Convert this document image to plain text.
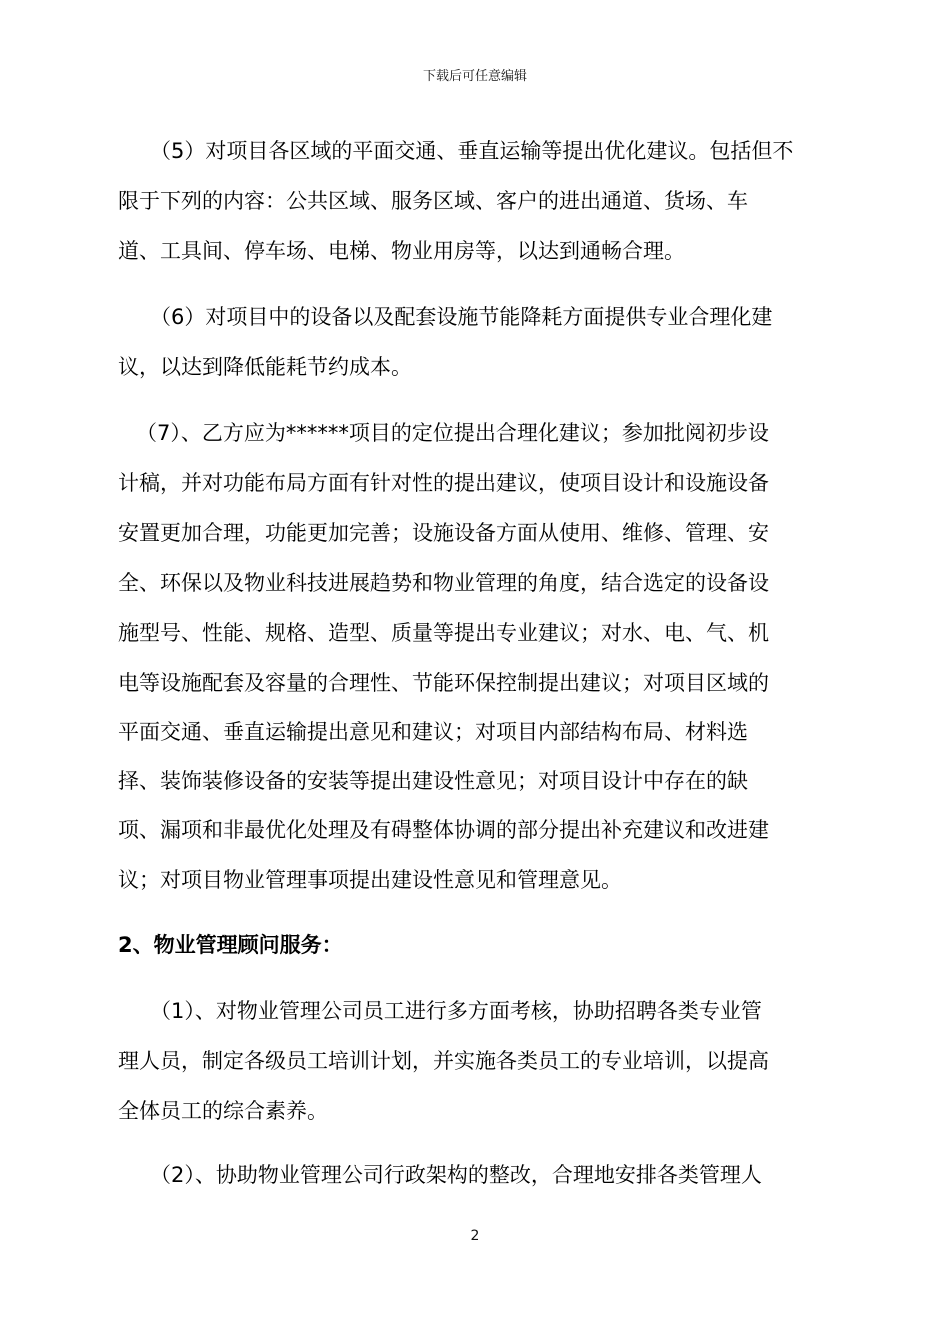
下载后可任意编辑
（5）对项目各区域的平面交通、垂直运输等提出优化建议。包括但不
限于下列的内容：公共区域、服务区域、客户的进出通道、货场、车
道、工具间、停车场、电梯、物业用房等，以达到通畅合理。
（6）对项目中的设备以及配套设施节能降耗方面提供专业合理化建
议，以达到降低能耗节约成本。
（7）、乙方应为******项目的定位提出合理化建议；参加批阅初步设
计稿，并对功能布局方面有针对性的提出建议，使项目设计和设施设备
安置更加合理，功能更加完善；设施设备方面从使用、维修、管理、安
全、环保以及物业科技进展趋势和物业管理的角度，结合选定的设备设
施型号、性能、规格、造型、质量等提出专业建议；对水、电、气、机
电等设施配套及容量的合理性、节能环保控制提出建议；对项目区域的
平面交通、垂直运输提出意见和建议；对项目内部结构布局、材料选
择、装饰装修设备的安装等提出建设性意见；对项目设计中存在的缺
项、漏项和非最优化处理及有碍整体协调的部分提出补充建议和改进建
议；对项目物业管理事项提出建设性意见和管理意见。
2、物业管理顾问服务：
（1）、对物业管理公司员工进行多方面考核，协助招聘各类专业管
理人员，制定各级员工培训计划，并实施各类员工的专业培训，以提高
全体员工的综合素养。
（2）、协助物业管理公司行政架构的整改，合理地安排各类管理人
2
